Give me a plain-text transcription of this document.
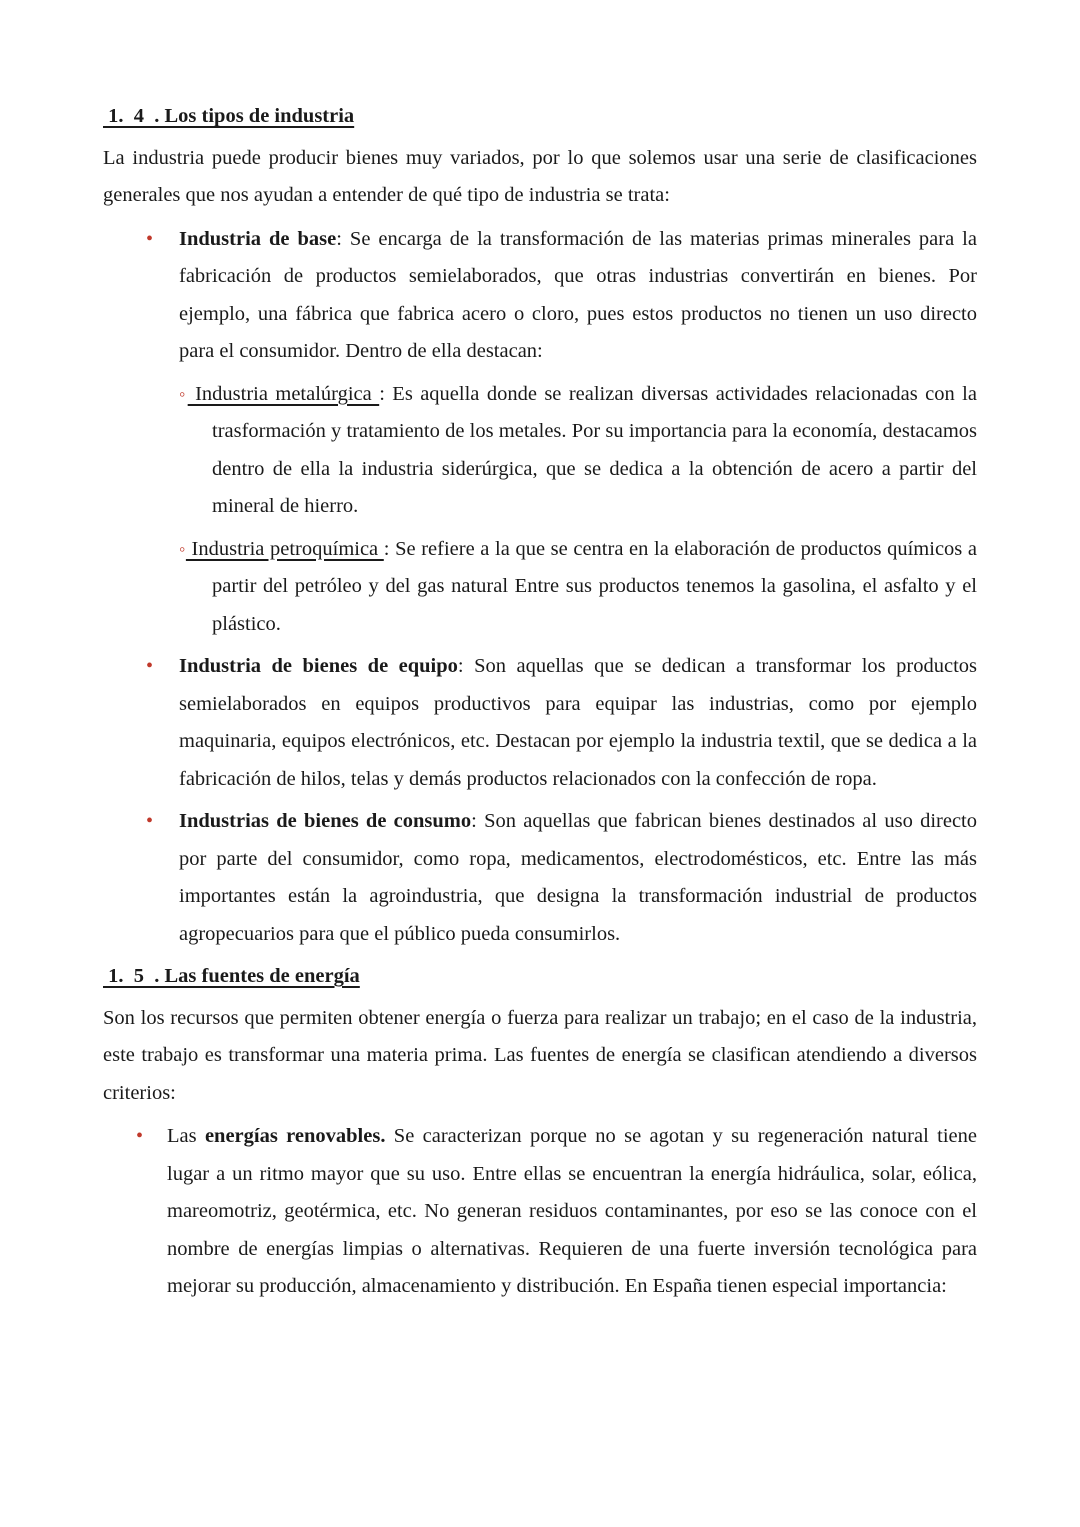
1.  4  . Los tipos de industria

La industria puede producir bienes muy variados, por lo que solemos usar una serie de clasificaciones generales que nos ayudan a entender de qué tipo de industria se trata:

• Industria de base: Se encarga de la transformación de las materias primas minerales para la fabricación de productos semielaborados, que otras industrias convertirán en bienes. Por ejemplo, una fábrica que fabrica acero o cloro, pues estos productos no tienen un uso directo para el consumidor. Dentro de ella destacan:
◦ Industria metalúrgica : Es aquella donde se realizan diversas actividades relacionadas con la trasformación y tratamiento de los metales. Por su importancia para la economía, destacamos dentro de ella la industria siderúrgica, que se dedica a la obtención de acero a partir del mineral de hierro.
◦ Industria petroquímica : Se refiere a la que se centra en la elaboración de productos químicos a partir del petróleo y del gas natural Entre sus productos tenemos la gasolina, el asfalto y el plástico.
• Industria de bienes de equipo: Son aquellas que se dedican a transformar los productos semielaborados en equipos productivos para equipar las industrias, como por ejemplo maquinaria, equipos electrónicos, etc. Destacan por ejemplo la industria textil, que se dedica a la fabricación de hilos, telas y demás productos relacionados con la confección de ropa.
• Industrias de bienes de consumo: Son aquellas que fabrican bienes destinados al uso directo por parte del consumidor, como ropa, medicamentos, electrodomésticos, etc. Entre las más importantes están la agroindustria, que designa la transformación industrial de productos agropecuarios para que el público pueda consumirlos.
1.  5  . Las fuentes de energía

Son los recursos que permiten obtener energía o fuerza para realizar un trabajo; en el caso de la industria, este trabajo es transformar una materia prima. Las fuentes de energía se clasifican atendiendo a diversos criterios:

• Las energías renovables. Se caracterizan porque no se agotan y su regeneración natural tiene lugar a un ritmo mayor que su uso. Entre ellas se encuentran la energía hidráulica, solar, eólica, mareomotriz, geotérmica, etc. No generan residuos contaminantes, por eso se las conoce con el nombre de energías limpias o alternativas. Requieren de una fuerte inversión tecnológica para mejorar su producción, almacenamiento y distribución. En España tienen especial importancia:
